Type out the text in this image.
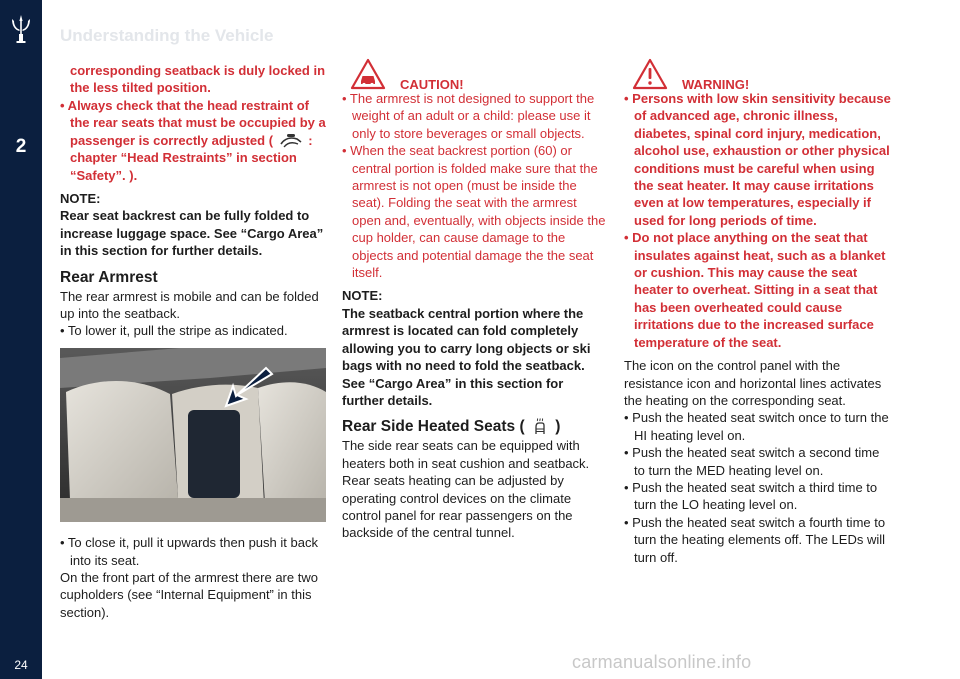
2
24
Understanding the Vehicle
corresponding seatback is duly locked in the less tilted position.
• Always check that the head restraint of the rear seats that must be occupied by a passenger is correctly adjusted (	: chapter “Head Restraints” in section “Safety”. ).
NOTE:
Rear seat backrest can be fully folded to increase luggage space. See “Cargo Area” in this section for further details.
Rear Armrest
The rear armrest is mobile and can be folded up into the seatback.
• To lower it, pull the stripe as indicated.
• To close it, pull it upwards then push it back into its seat.
On the front part of the armrest there are two cupholders (see “Internal Equipment” in this section).
CAUTION!
• The armrest is not designed to support the weight of an adult or a child: please use it only to store beverages or small objects.
• When the seat backrest portion (60) or central portion is folded make sure that the armrest is not open (must be inside the seat). Folding the seat with the armrest open and, eventually, with objects inside the cup holder, can cause damage to the objects and potential damage the the seat itself.
NOTE:
The seatback central portion where the armrest is located can fold completely allowing you to carry long objects or ski bags with no need to fold the seatback. See “Cargo Area” in this section for further details.
Rear Side Heated Seats ( )
The side rear seats can be equipped with heaters both in seat cushion and seatback.
Rear seats heating can be adjusted by operating control devices on the climate control panel for rear passengers on the backside of the central tunnel.
WARNING!
• Persons with low skin sensitivity because of advanced age, chronic illness, diabetes, spinal cord injury, medication, alcohol use, exhaustion or other physical conditions must be careful when using the seat heater. It may cause irritations even at low temperatures, especially if used for long periods of time.
• Do not place anything on the seat that insulates against heat, such as a blanket or cushion. This may cause the seat heater to overheat. Sitting in a seat that has been overheated could cause irritations due to the increased surface temperature of the seat.
The icon on the control panel with the resistance icon and horizontal lines activates the heating on the corresponding seat.
• Push the heated seat switch once to turn the HI heating level on.
• Push the heated seat switch a second time to turn the MED heating level on.
• Push the heated seat switch a third time to turn the LO heating level on.
• Push the heated seat switch a fourth time to turn the heating elements off. The LEDs will turn off.
carmanualsonline.info
